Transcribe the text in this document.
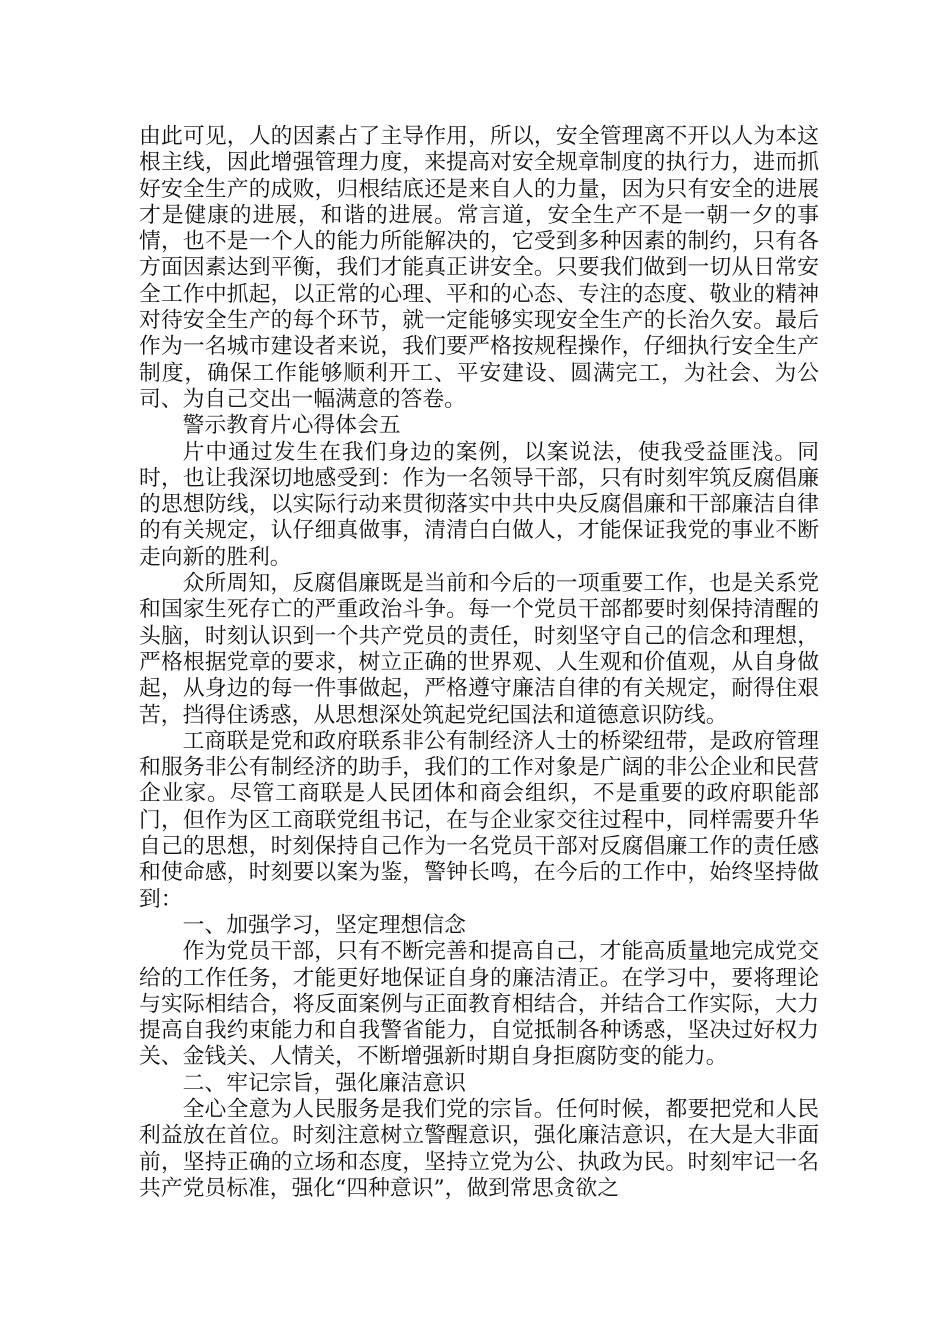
由此可见，人的因素占了主导作用，所以，安全管理离不开以人为本这根主线，因此增强管理力度，来提高对安全规章制度的执行力，进而抓好安全生产的成败，归根结底还是来自人的力量，因为只有安全的进展才是健康的进展，和谐的进展。常言道，安全生产不是一朝一夕的事情，也不是一个人的能力所能解决的，它受到多种因素的制约，只有各方面因素达到平衡，我们才能真正讲安全。只要我们做到一切从日常安全工作中抓起，以正常的心理、平和的心态、专注的态度、敬业的精神对待安全生产的每个环节，就一定能够实现安全生产的长治久安。最后作为一名城市建设者来说，我们要严格按规程操作，仔细执行安全生产制度，确保工作能够顺利开工、平安建设、圆满完工，为社会、为公司、为自己交出一幅满意的答卷。

警示教育片心得体会五

片中通过发生在我们身边的案例，以案说法，使我受益匪浅。同时，也让我深切地感受到：作为一名领导干部，只有时刻牢筑反腐倡廉的思想防线，以实际行动来贯彻落实中共中央反腐倡廉和干部廉洁自律的有关规定，认仔细真做事，清清白白做人，才能保证我党的事业不断走向新的胜利。

众所周知，反腐倡廉既是当前和今后的一项重要工作，也是关系党和国家生死存亡的严重政治斗争。每一个党员干部都要时刻保持清醒的头脑，时刻认识到一个共产党员的责任，时刻坚守自己的信念和理想，严格根据党章的要求，树立正确的世界观、人生观和价值观，从自身做起，从身边的每一件事做起，严格遵守廉洁自律的有关规定，耐得住艰苦，挡得住诱惑，从思想深处筑起党纪国法和道德意识防线。

工商联是党和政府联系非公有制经济人士的桥梁纽带，是政府管理和服务非公有制经济的助手，我们的工作对象是广阔的非公企业和民营企业家。尽管工商联是人民团体和商会组织，不是重要的政府职能部门，但作为区工商联党组书记，在与企业家交往过程中，同样需要升华自己的思想，时刻保持自己作为一名党员干部对反腐倡廉工作的责任感和使命感，时刻要以案为鉴，警钟长鸣，在今后的工作中，始终坚持做到：

一、加强学习，坚定理想信念

作为党员干部，只有不断完善和提高自己，才能高质量地完成党交给的工作任务，才能更好地保证自身的廉洁清正。在学习中，要将理论与实际相结合，将反面案例与正面教育相结合，并结合工作实际，大力提高自我约束能力和自我警省能力，自觉抵制各种诱惑，坚决过好权力关、金钱关、人情关，不断增强新时期自身拒腐防变的能力。

二、牢记宗旨，强化廉洁意识

全心全意为人民服务是我们党的宗旨。任何时候，都要把党和人民利益放在首位。时刻注意树立警醒意识，强化廉洁意识，在大是大非面前，坚持正确的立场和态度，坚持立党为公、执政为民。时刻牢记一名共产党员标准，强化“四种意识”，做到常思贪欲之
